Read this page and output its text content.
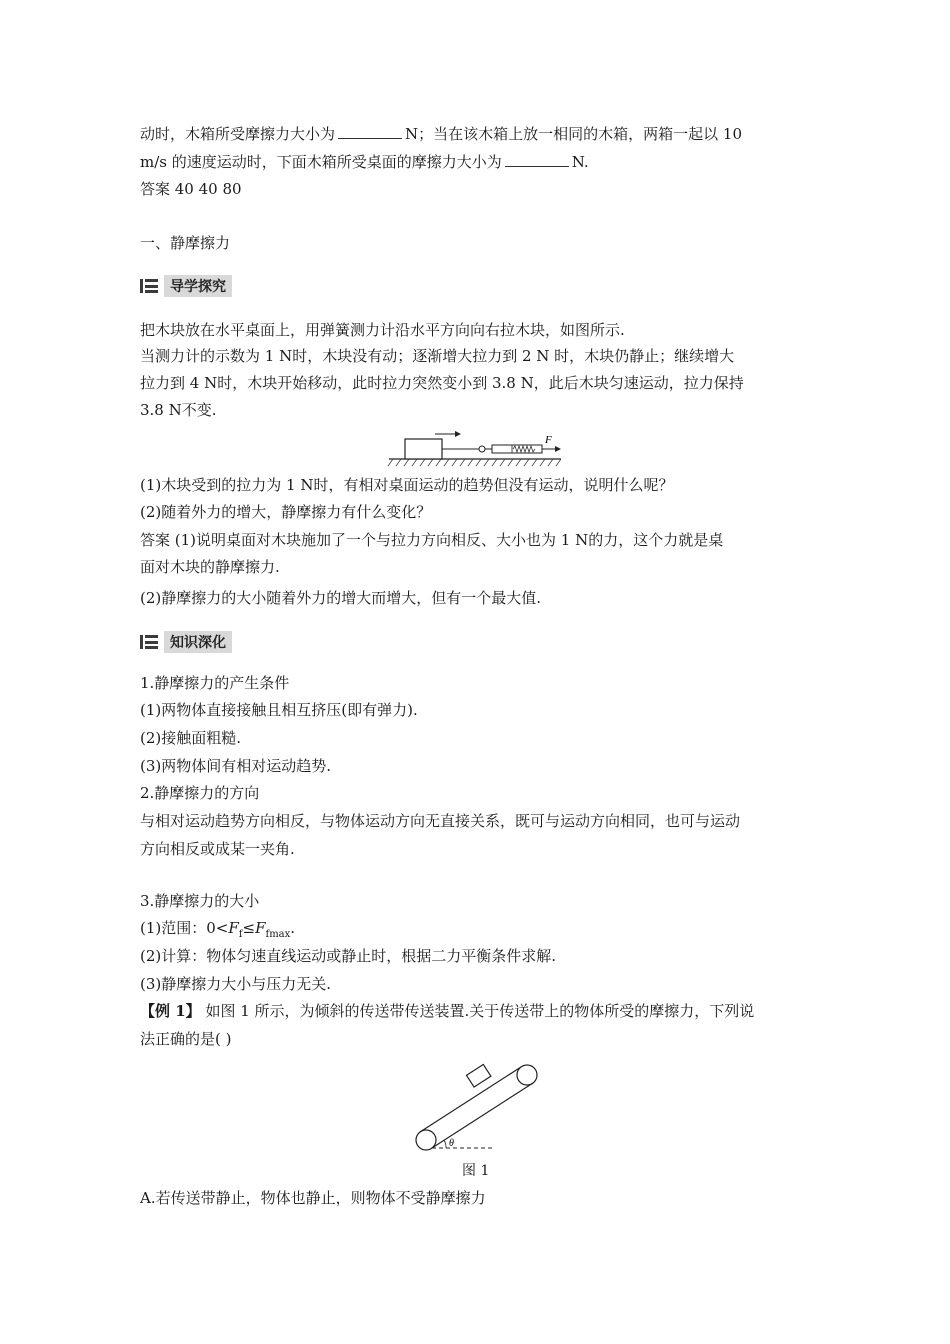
动时，木箱所受摩擦力大小为	N；当在该木箱上放一相同的木箱，两箱一起以 10
m/s 的速度运动时，下面木箱所受桌面的摩擦力大小为	N.
答案 40 40 80
一、静摩擦力
导学探究
把木块放在水平桌面上，用弹簧测力计沿水平方向向右拉木块，如图所示.
当测力计的示数为 1 N时，木块没有动；逐渐增大拉力到 2 N 时，木块仍静止；继续增大
拉力到 4 N时，木块开始移动，此时拉力突然变小到 3.8 N，此后木块匀速运动，拉力保持
3.8 N不变.
F
(1)木块受到的拉力为 1 N时，有相对桌面运动的趋势但没有运动，说明什么呢？
(2)随着外力的增大，静摩擦力有什么变化？
答案 (1)说明桌面对木块施加了一个与拉力方向相反、大小也为 1 N的力，这个力就是桌
面对木块的静摩擦力.
(2)静摩擦力的大小随着外力的增大而增大，但有一个最大值.
知识深化
1.静摩擦力的产生条件
(1)两物体直接接触且相互挤压(即有弹力).
(2)接触面粗糙.
(3)两物体间有相对运动趋势.
2.静摩擦力的方向
与相对运动趋势方向相反，与物体运动方向无直接关系，既可与运动方向相同，也可与运动
方向相反或成某一夹角.
3.静摩擦力的大小
(1)范围：$0<F_f\le F_{fmax}$.
(2)计算：物体匀速直线运动或静止时，根据二力平衡条件求解.
(3)静摩擦力大小与压力无关.
【例 1】 如图 1 所示，为倾斜的传送带传送装置.关于传送带上的物体所受的摩擦力，下列说
法正确的是( )
θ
图 1
A.若传送带静止，物体也静止，则物体不受静摩擦力
